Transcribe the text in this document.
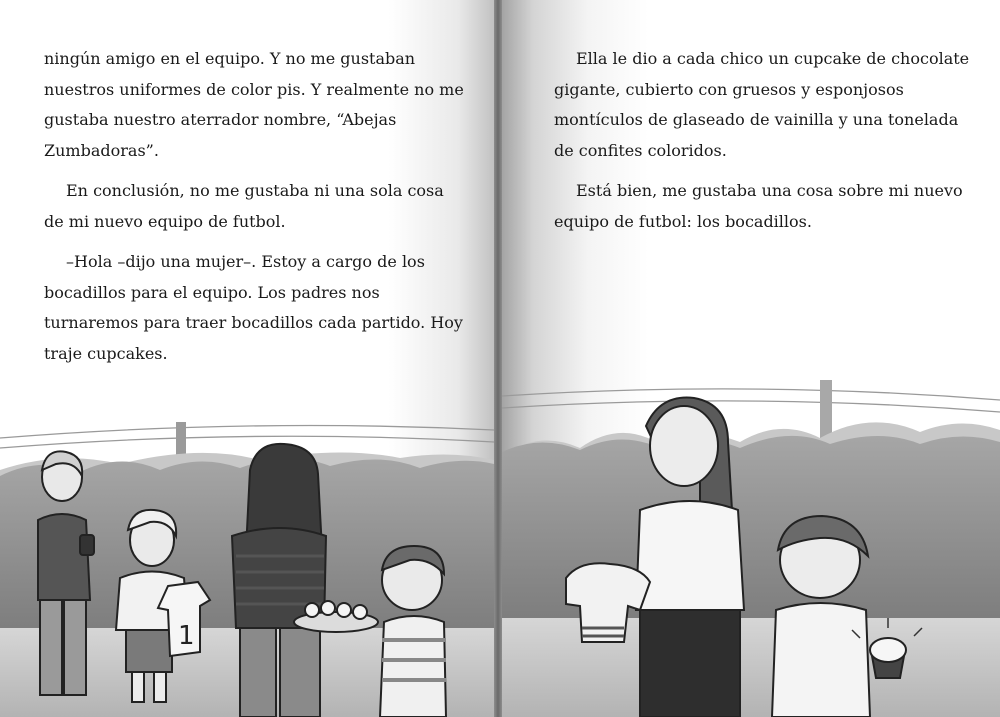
ningún amigo en el equipo. Y no me gustaban nuestros uniformes de color pis. Y realmente no me gustaba nuestro aterrador nombre, “Abejas Zumbadoras”.

En conclusión, no me gustaba ni una sola cosa de mi nuevo equipo de futbol.

–Hola –dijo una mujer–. Estoy a cargo de los bocadillos para el equipo. Los padres nos turnaremos para traer bocadillos cada partido. Hoy traje cupcakes.

Ella le dio a cada chico un cupcake de chocolate gigante, cubierto con gruesos y esponjosos montículos de glaseado de vainilla y una tonelada de confites coloridos.

Está bien, me gustaba una cosa sobre mi nuevo equipo de futbol: los bocadillos.

1
